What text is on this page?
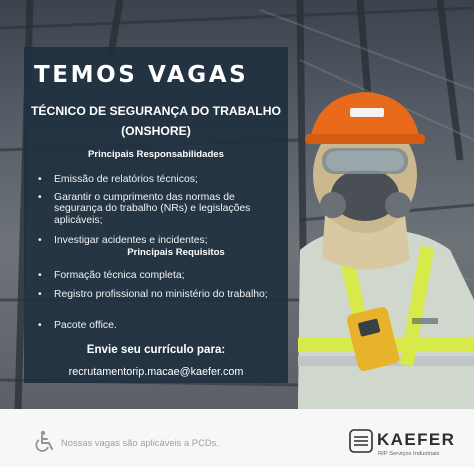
TEMOS VAGAS
TÉCNICO DE SEGURANÇA DO TRABALHO
(ONSHORE)
Principais Responsabilidades
•	Emissão de relatórios técnicos;
•	Garantir o cumprimento das normas de segurança do trabalho (NRs) e legislações aplicáveis;
•	Investigar acidentes e incidentes;
Principais Requisitos
•	Formação técnica completa;
•	Registro profissional no ministério do trabalho;
•	Pacote office.
Envie seu currículo para:
recrutamentorip.macae@kaefer.com
Nossas vagas são aplicáveis a PCDs.	KAEFER
RIP Serviços Industriais
